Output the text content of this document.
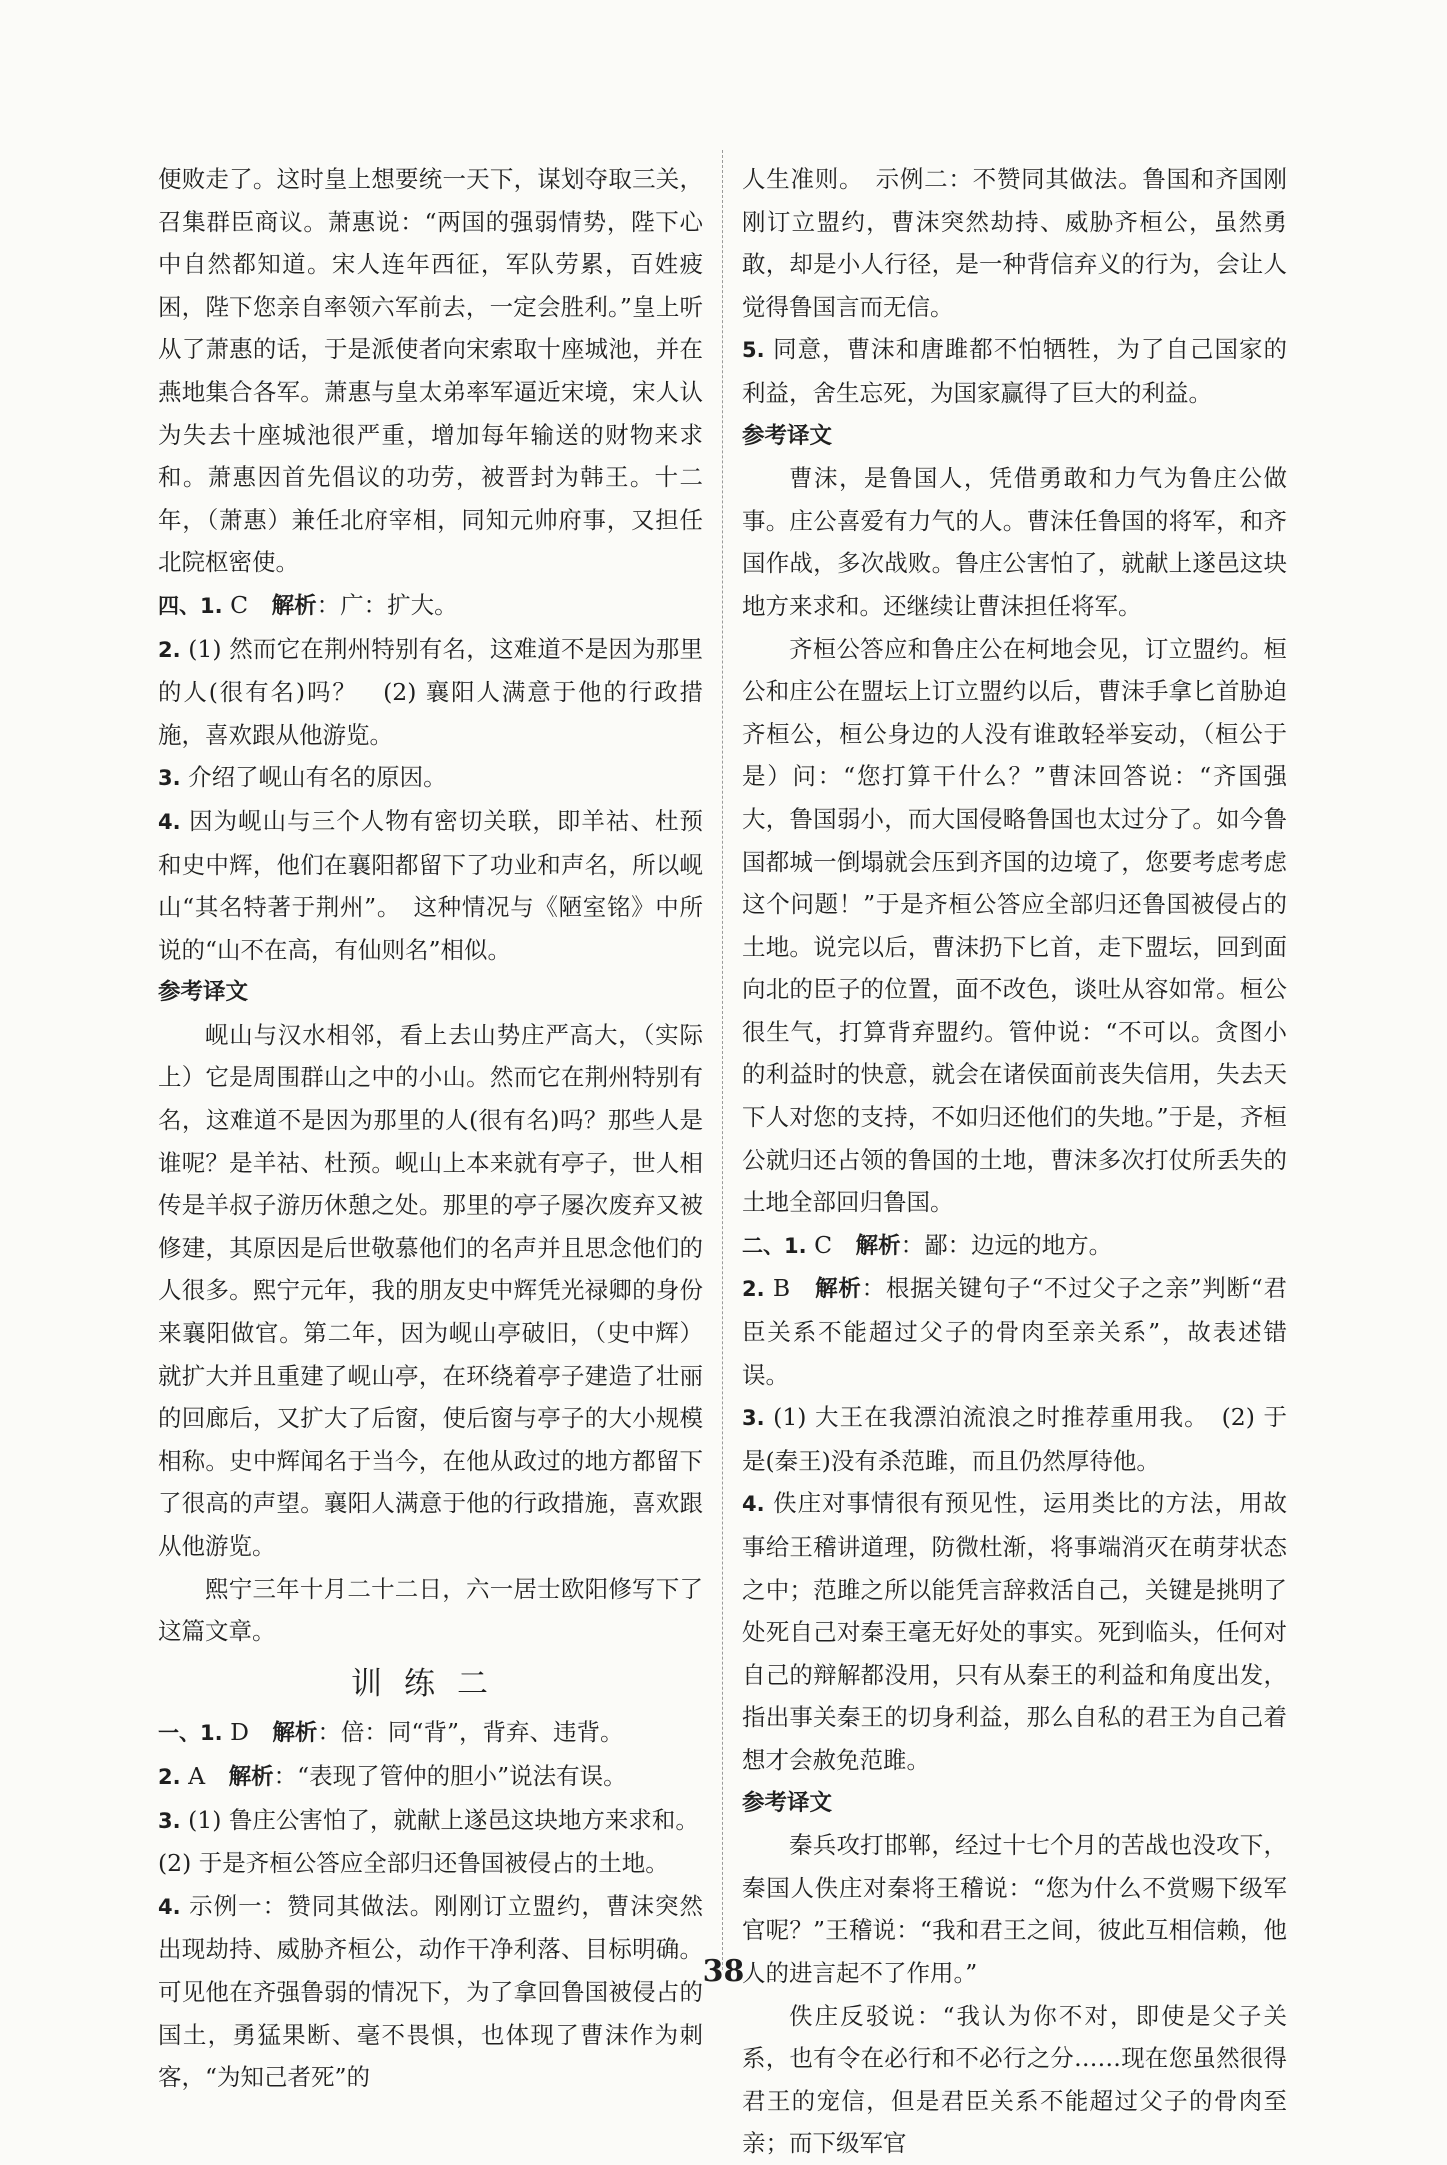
便败走了。这时皇上想要统一天下，谋划夺取三关，召集群臣商议。萧惠说：“两国的强弱情势，陛下心中自然都知道。宋人连年西征，军队劳累，百姓疲困，陛下您亲自率领六军前去，一定会胜利。”皇上听从了萧惠的话，于是派使者向宋索取十座城池，并在燕地集合各军。萧惠与皇太弟率军逼近宋境，宋人认为失去十座城池很严重，增加每年输送的财物来求和。萧惠因首先倡议的功劳，被晋封为韩王。十二年，（萧惠）兼任北府宰相，同知元帅府事，又担任北院枢密使。

四、1. C　解析：广：扩大。

2. (1) 然而它在荆州特别有名，这难道不是因为那里的人(很有名)吗？　(2) 襄阳人满意于他的行政措施，喜欢跟从他游览。

3. 介绍了岘山有名的原因。

4. 因为岘山与三个人物有密切关联，即羊祜、杜预和史中辉，他们在襄阳都留下了功业和声名，所以岘山“其名特著于荆州”。　这种情况与《陋室铭》中所说的“山不在高，有仙则名”相似。

参考译文

岘山与汉水相邻，看上去山势庄严高大，（实际上）它是周围群山之中的小山。然而它在荆州特别有名，这难道不是因为那里的人(很有名)吗？那些人是谁呢？是羊祜、杜预。岘山上本来就有亭子，世人相传是羊叔子游历休憩之处。那里的亭子屡次废弃又被修建，其原因是后世敬慕他们的名声并且思念他们的人很多。熙宁元年，我的朋友史中辉凭光禄卿的身份来襄阳做官。第二年，因为岘山亭破旧，（史中辉）就扩大并且重建了岘山亭，在环绕着亭子建造了壮丽的回廊后，又扩大了后窗，使后窗与亭子的大小规模相称。史中辉闻名于当今，在他从政过的地方都留下了很高的声望。襄阳人满意于他的行政措施，喜欢跟从他游览。

熙宁三年十月二十二日，六一居士欧阳修写下了这篇文章。

训练二

一、1. D　解析：倍：同“背”，背弃、违背。

2. A　解析：“表现了管仲的胆小”说法有误。

3. (1) 鲁庄公害怕了，就献上遂邑这块地方来求和。

(2) 于是齐桓公答应全部归还鲁国被侵占的土地。

4. 示例一：赞同其做法。刚刚订立盟约，曹沫突然出现劫持、威胁齐桓公，动作干净利落、目标明确。可见他在齐强鲁弱的情况下，为了拿回鲁国被侵占的国土，勇猛果断、毫不畏惧，也体现了曹沫作为刺客，“为知己者死”的

人生准则。　示例二：不赞同其做法。鲁国和齐国刚刚订立盟约，曹沫突然劫持、威胁齐桓公，虽然勇敢，却是小人行径，是一种背信弃义的行为，会让人觉得鲁国言而无信。

5. 同意，曹沫和唐雎都不怕牺牲，为了自己国家的利益，舍生忘死，为国家赢得了巨大的利益。

参考译文

曹沫，是鲁国人，凭借勇敢和力气为鲁庄公做事。庄公喜爱有力气的人。曹沫任鲁国的将军，和齐国作战，多次战败。鲁庄公害怕了，就献上遂邑这块地方来求和。还继续让曹沫担任将军。

齐桓公答应和鲁庄公在柯地会见，订立盟约。桓公和庄公在盟坛上订立盟约以后，曹沫手拿匕首胁迫齐桓公，桓公身边的人没有谁敢轻举妄动，（桓公于是）问：“您打算干什么？”曹沫回答说：“齐国强大，鲁国弱小，而大国侵略鲁国也太过分了。如今鲁国都城一倒塌就会压到齐国的边境了，您要考虑考虑这个问题！”于是齐桓公答应全部归还鲁国被侵占的土地。说完以后，曹沫扔下匕首，走下盟坛，回到面向北的臣子的位置，面不改色，谈吐从容如常。桓公很生气，打算背弃盟约。管仲说：“不可以。贪图小的利益时的快意，就会在诸侯面前丧失信用，失去天下人对您的支持，不如归还他们的失地。”于是，齐桓公就归还占领的鲁国的土地，曹沫多次打仗所丢失的土地全部回归鲁国。

二、1. C　解析：鄙：边远的地方。

2. B　解析：根据关键句子“不过父子之亲”判断“君臣关系不能超过父子的骨肉至亲关系”，故表述错误。

3. (1) 大王在我漂泊流浪之时推荐重用我。　(2) 于是(秦王)没有杀范雎，而且仍然厚待他。

4. 佚庄对事情很有预见性，运用类比的方法，用故事给王稽讲道理，防微杜渐，将事端消灭在萌芽状态之中；范雎之所以能凭言辞救活自己，关键是挑明了处死自己对秦王毫无好处的事实。死到临头，任何对自己的辩解都没用，只有从秦王的利益和角度出发，指出事关秦王的切身利益，那么自私的君王为自己着想才会赦免范雎。

参考译文

秦兵攻打邯郸，经过十七个月的苦战也没攻下，秦国人佚庄对秦将王稽说：“您为什么不赏赐下级军官呢？”王稽说：“我和君王之间，彼此互相信赖，他人的进言起不了作用。”

佚庄反驳说：“我认为你不对，即使是父子关系，也有令在必行和不必行之分……现在您虽然很得君王的宠信，但是君臣关系不能超过父子的骨肉至亲；而下级军官

38
